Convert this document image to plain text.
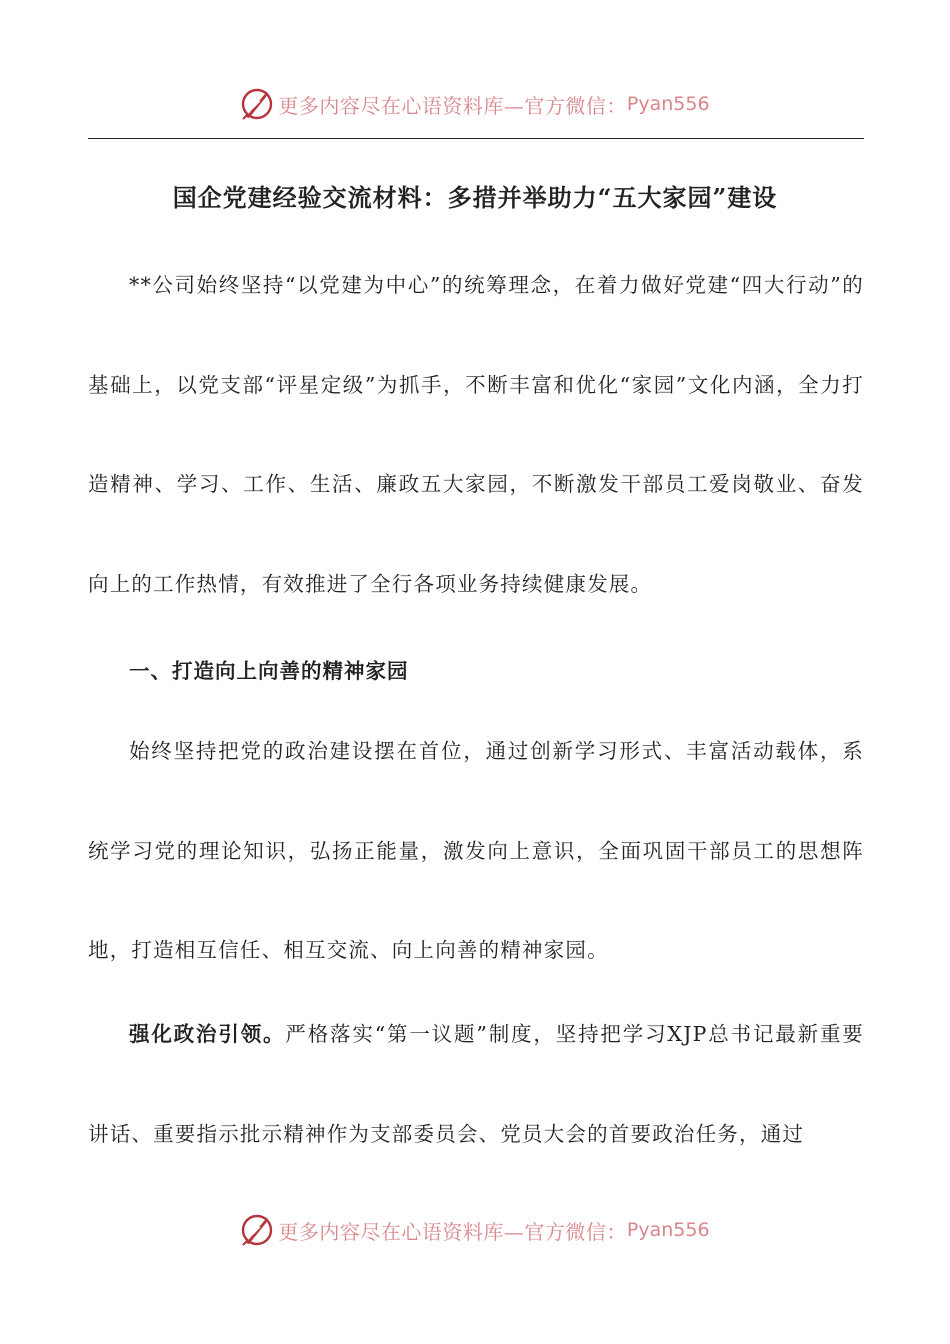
更多内容尽在心语资料库—官方微信： Pyan556
国企党建经验交流材料：多措并举助力“五大家园”建设

**公司始终坚持“以党建为中心”的统筹理念，在着力做好党建“四大行动”的基础上，以党支部“评星定级”为抓手，不断丰富和优化“家园”文化内涵，全力打造精神、学习、工作、生活、廉政五大家园，不断激发干部员工爱岗敬业、奋发向上的工作热情，有效推进了全行各项业务持续健康发展。

一、打造向上向善的精神家园

始终坚持把党的政治建设摆在首位，通过创新学习形式、丰富活动载体，系统学习党的理论知识，弘扬正能量，激发向上意识，全面巩固干部员工的思想阵地，打造相互信任、相互交流、向上向善的精神家园。

强化政治引领。严格落实“第一议题”制度，坚持把学习XJP总书记最新重要讲话、重要指示批示精神作为支部委员会、党员大会的首要政治任务，通过

更多内容尽在心语资料库—官方微信： Pyan556
